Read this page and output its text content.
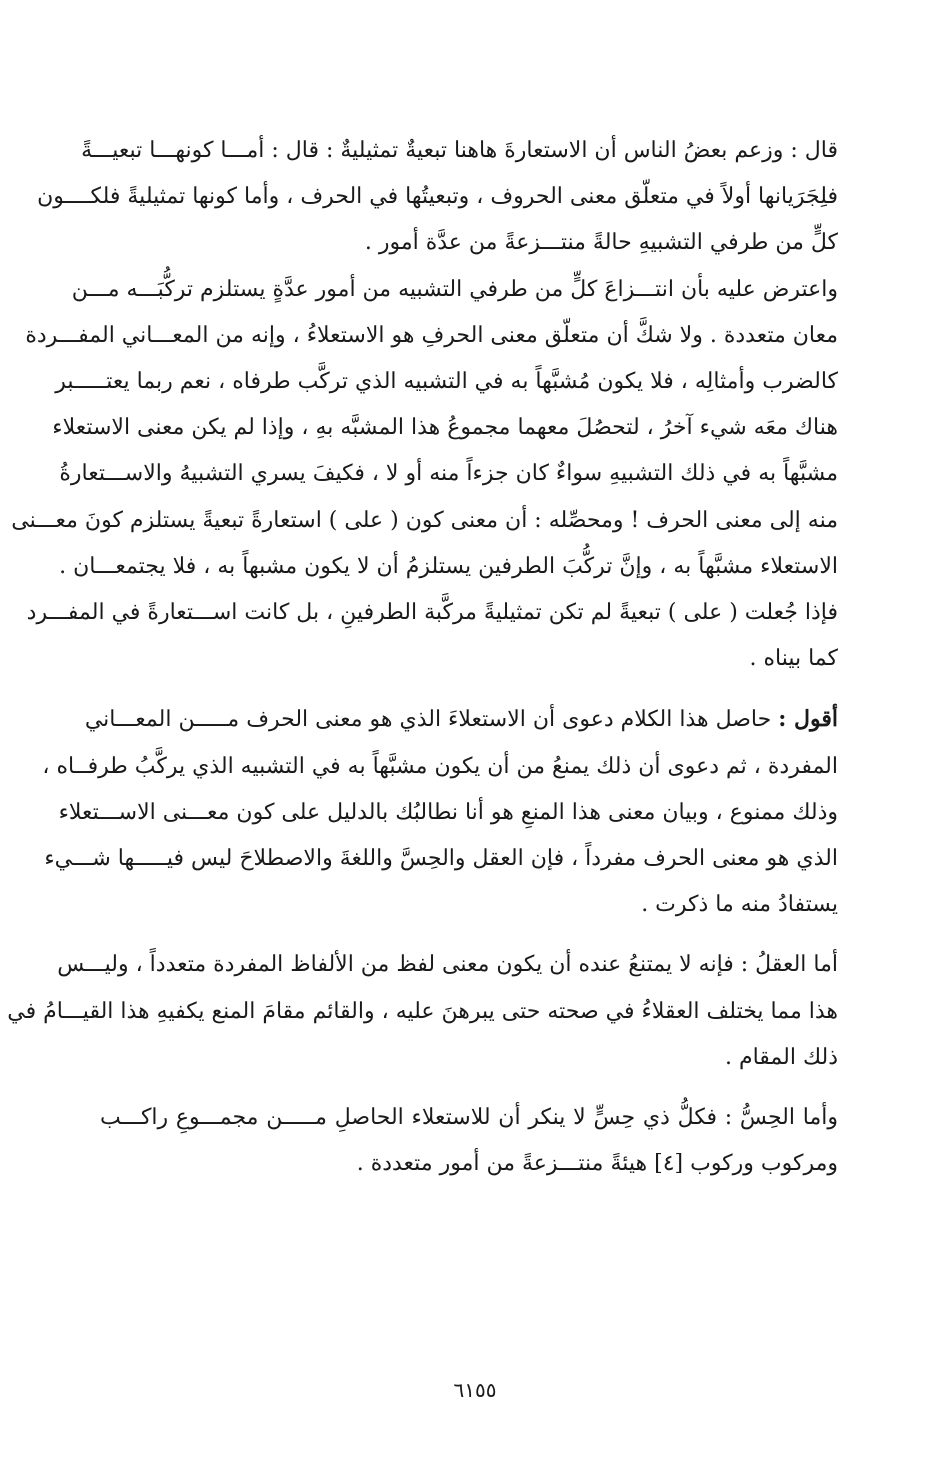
قال : وزعم بعضُ الناس أن الاستعارةَ هاهنا تبعيةٌ تمثيليةٌ : قال : أمـــا كونهـــا تبعيـــةً
فلِجَرَيانها أولاً في متعلّق معنى الحروف ، وتبعيتُها في الحرف ، وأما كونها تمثيليةً فلكــــون
كلٍّ من طرفي التشبيهِ حالةً منتـــزعةً من عدَّة أمور .

واعترض عليه بأن انتـــزاعَ كلٍّ من طرفي التشبيه من أمور عدَّةٍ يستلزم تركُّبَـــه مـــن
معان متعددة . ولا شكَّ أن متعلّق معنى الحرفِ هو الاستعلاءُ ، وإنه من المعـــاني المفـــردة
كالضرب وأمثالِه ، فلا يكون مُشبَّهاً به في التشبيه الذي تركَّب طرفاه ، نعم ربما يعتـــــبر
هناك معَه شيء آخرُ ، لتحصُلَ معهما مجموعُ هذا المشبَّه بهِ ، وإذا لم يكن معنى الاستعلاء
مشبَّهاً به في ذلك التشبيهِ سواءٌ كان جزءاً منه أو لا ، فكيفَ يسري التشبيهُ والاســـتعارةُ
منه إلى معنى الحرف ! ومحصِّله : أن معنى كون ( على ) استعارةً تبعيةً يستلزم كونَ معـــنى
الاستعلاء مشبَّهاً به ، وإنَّ تركُّبَ الطرفين يستلزمُ أن لا يكون مشبهاً به ، فلا يجتمعـــان .
فإذا جُعلت ( على ) تبعيةً لم تكن تمثيليةً مركَّبة الطرفينِ ، بل كانت اســـتعارةً في المفـــرد
كما بيناه .

أقول : حاصل هذا الكلام دعوى أن الاستعلاءَ الذي هو معنى الحرف مـــــن المعـــاني
المفردة ، ثم دعوى أن ذلك يمنعُ من أن يكون مشبَّهاً به في التشبيه الذي يركَّبُ طرفــاه ،
وذلك ممنوع ، وبيان معنى هذا المنعِ هو أنا نطالبُك بالدليل على كون معـــنى الاســـتعلاء
الذي هو معنى الحرف مفرداً ، فإن العقل والحِسَّ واللغةَ والاصطلاحَ ليس فيـــــها شـــيء
يستفادُ منه ما ذكرت .

أما العقلُ : فإنه لا يمتنعُ عنده أن يكون معنى لفظ من الألفاظ المفردة متعدداً ، وليـــس
هذا مما يختلف العقلاءُ في صحته حتى يبرهنَ عليه ، والقائم مقامَ المنع يكفيهِ هذا القيـــامُ في
ذلك المقام .

وأما الحِسُّ : فكلُّ ذي حِسٍّ لا ينكر أن للاستعلاء الحاصلِ مـــــن مجمـــوعِ راكـــب
ومركوب وركوب [٤] هيئةً منتـــزعةً من أمور متعددة .

٦١٥٥
